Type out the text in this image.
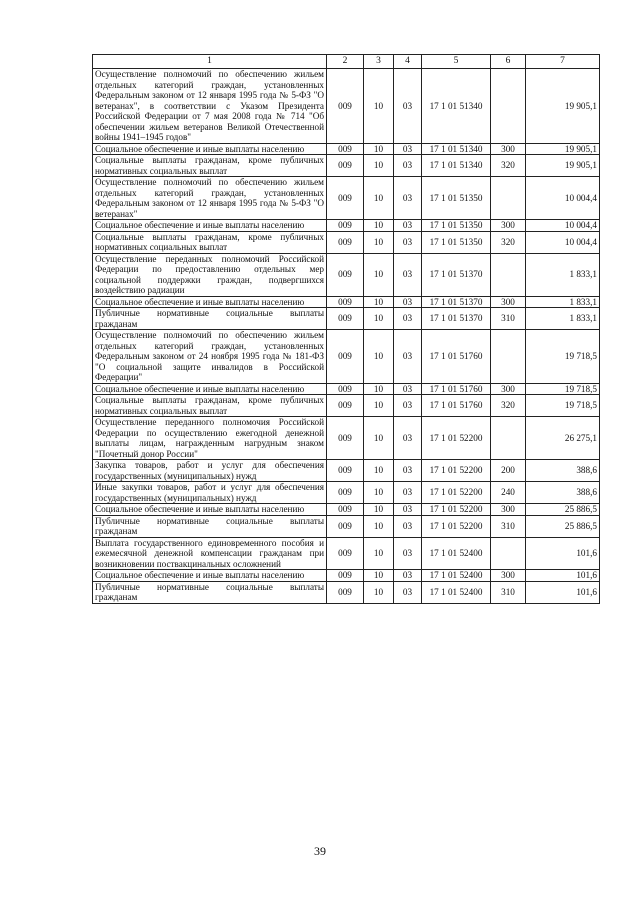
1	2	3	4	5	6	7
Осуществление полномочий по обеспечению жильем отдельных категорий граждан, установленных Федеральным законом от 12 января 1995 года № 5-ФЗ "О ветеранах", в соответствии с Указом Президента Российской Федерации от 7 мая 2008 года № 714 "Об обеспечении жильем ветеранов Великой Отечественной войны 1941–1945 годов"	009	10	03	17 1 01 51340		19 905,1
Социальное обеспечение и иные выплаты населению	009	10	03	17 1 01 51340	300	19 905,1
Социальные выплаты гражданам, кроме публичных нормативных социальных выплат	009	10	03	17 1 01 51340	320	19 905,1
Осуществление полномочий по обеспечению жильем отдельных категорий граждан, установленных Федеральным законом от 12 января 1995 года № 5-ФЗ "О ветеранах"	009	10	03	17 1 01 51350		10 004,4
Социальное обеспечение и иные выплаты населению	009	10	03	17 1 01 51350	300	10 004,4
Социальные выплаты гражданам, кроме публичных нормативных социальных выплат	009	10	03	17 1 01 51350	320	10 004,4
Осуществление переданных полномочий Российской Федерации по предоставлению отдельных мер социальной поддержки граждан, подвергшихся воздействию радиации	009	10	03	17 1 01 51370		1 833,1
Социальное обеспечение и иные выплаты населению	009	10	03	17 1 01 51370	300	1 833,1
Публичные нормативные социальные выплаты гражданам	009	10	03	17 1 01 51370	310	1 833,1
Осуществление полномочий по обеспечению жильем отдельных категорий граждан, установленных Федеральным законом от 24 ноября 1995 года № 181-ФЗ "О социальной защите инвалидов в Российской Федерации"	009	10	03	17 1 01 51760		19 718,5
Социальное обеспечение и иные выплаты населению	009	10	03	17 1 01 51760	300	19 718,5
Социальные выплаты гражданам, кроме публичных нормативных социальных выплат	009	10	03	17 1 01 51760	320	19 718,5
Осуществление переданного полномочия Российской Федерации по осуществлению ежегодной денежной выплаты лицам, награжденным нагрудным знаком "Почетный донор России"	009	10	03	17 1 01 52200		26 275,1
Закупка товаров, работ и услуг для обеспечения государственных (муниципальных) нужд	009	10	03	17 1 01 52200	200	388,6
Иные закупки товаров, работ и услуг для обеспечения государственных (муниципальных) нужд	009	10	03	17 1 01 52200	240	388,6
Социальное обеспечение и иные выплаты населению	009	10	03	17 1 01 52200	300	25 886,5
Публичные нормативные социальные выплаты гражданам	009	10	03	17 1 01 52200	310	25 886,5
Выплата государственного единовременного пособия и ежемесячной денежной компенсации гражданам при возникновении поствакцинальных осложнений	009	10	03	17 1 01 52400		101,6
Социальное обеспечение и иные выплаты населению	009	10	03	17 1 01 52400	300	101,6
Публичные нормативные социальные выплаты гражданам	009	10	03	17 1 01 52400	310	101,6
39
